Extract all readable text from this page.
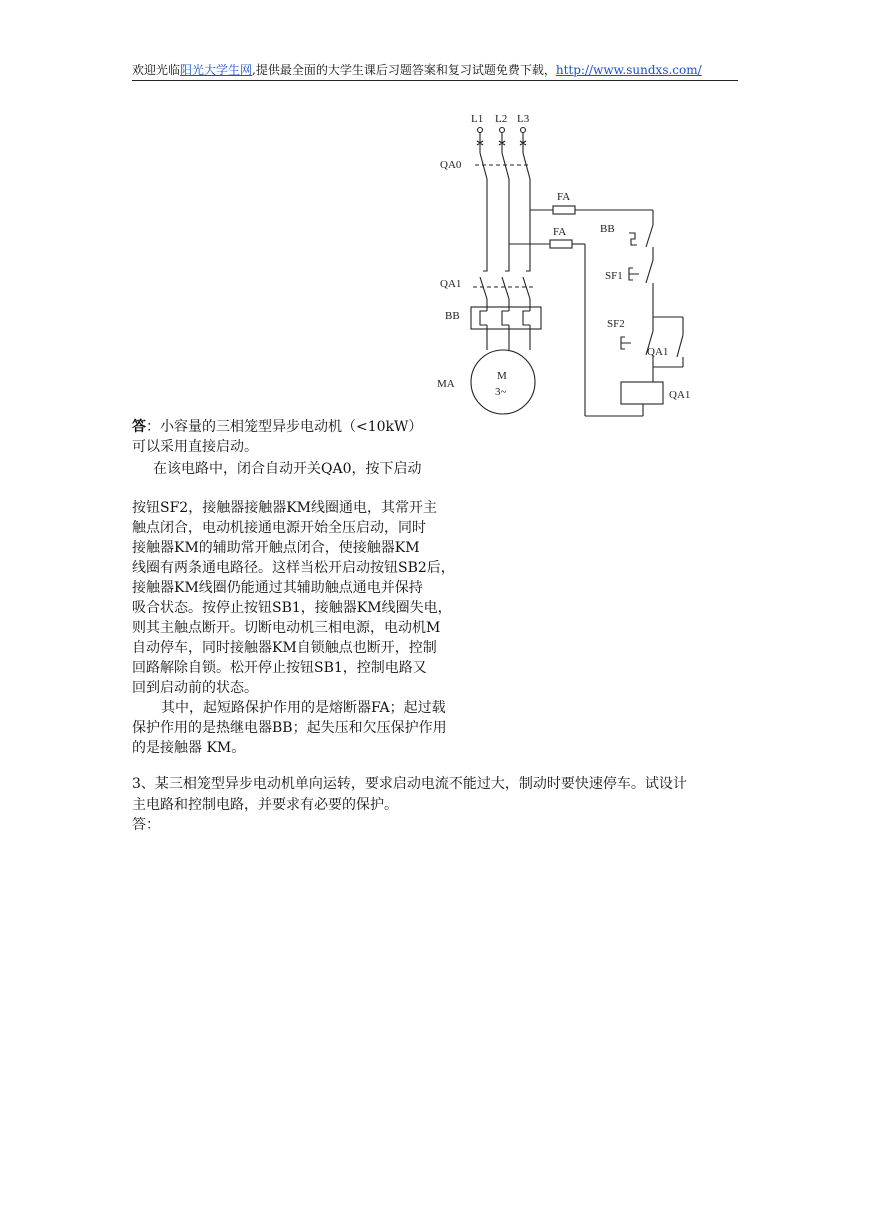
欢迎光临阳光大学生网,提供最全面的大学生课后习题答案和复习试题免费下载，http://www.sundxs.com/
L1 L2 L3
QA0
FA
FA	BB
SF1
QA1
SF2
QA1
QA1
BB
MA
M
3~
答：小容量的三相笼型异步电动机（<10kW）
可以采用直接启动。
在该电路中，闭合自动开关QA0，按下启动
按钮SF2，接触器接触器KM线圈通电，其常开主
触点闭合，电动机接通电源开始全压启动，同时
接触器KM的辅助常开触点闭合，使接触器KM
线圈有两条通电路径。这样当松开启动按钮SB2后，
接触器KM线圈仍能通过其辅助触点通电并保持
吸合状态。按停止按钮SB1，接触器KM线圈失电，
则其主触点断开。切断电动机三相电源，电动机M
自动停车，同时接触器KM自锁触点也断开，控制
回路解除自锁。松开停止按钮SB1，控制电路又
回到启动前的状态。
其中，起短路保护作用的是熔断器FA；起过载
保护作用的是热继电器BB；起失压和欠压保护作用
的是接触器 KM。
3、某三相笼型异步电动机单向运转，要求启动电流不能过大，制动时要快速停车。试设计
主电路和控制电路，并要求有必要的保护。
答：
